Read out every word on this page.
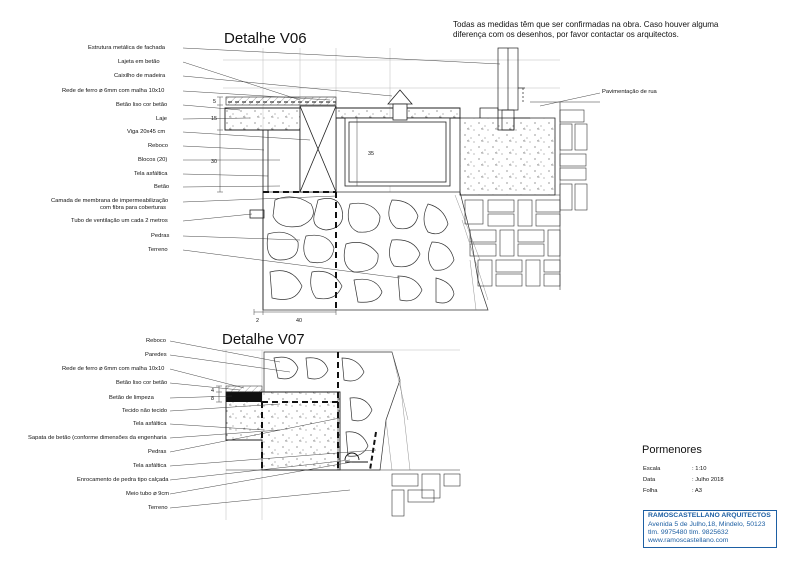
Detalhe V06
5
15
30
35
2	40
Detalhe V07
4
8
Estrutura metálica de fachada
Lajeta em betão
Caixilho de madeira
Rede de ferro ⌀ 6mm com malha 10x10
Betão liso cor betão
Laje
Viga 20x45 cm
Reboco
Blocos (20)
Tela asfáltica
Betão
Camada de membrana de impermeabilização
com fibra para coberturas
Tubo de ventilação um cada 2 metros
Pedras
Terreno
Pavimentação de rua
Reboco
Paredes
Rede de ferro ⌀ 6mm com malha 10x10
Betão liso cor betão
Betão de limpeza
Tecido não tecido
Tela asfáltica
Sapata de betão (conforme dimensões da engenharia
Pedras
Tela asfáltica
Enrocamento de pedra tipo calçada
Meio tubo ⌀ 9cm
Terreno
Todas as medidas têm que ser confirmadas na obra. Caso houver alguma diferença com os desenhos, por favor contactar os arquitectos.
Pormenores
Escala	: 1:10
Data	: Julho 2018
Folha	: A3
RAMOSCASTELLANO ARQUITECTOS
Avenida 5 de Julho,18, Mindelo, 50123
tlm. 9975480 tlm. 9825632
www.ramoscastellano.com
